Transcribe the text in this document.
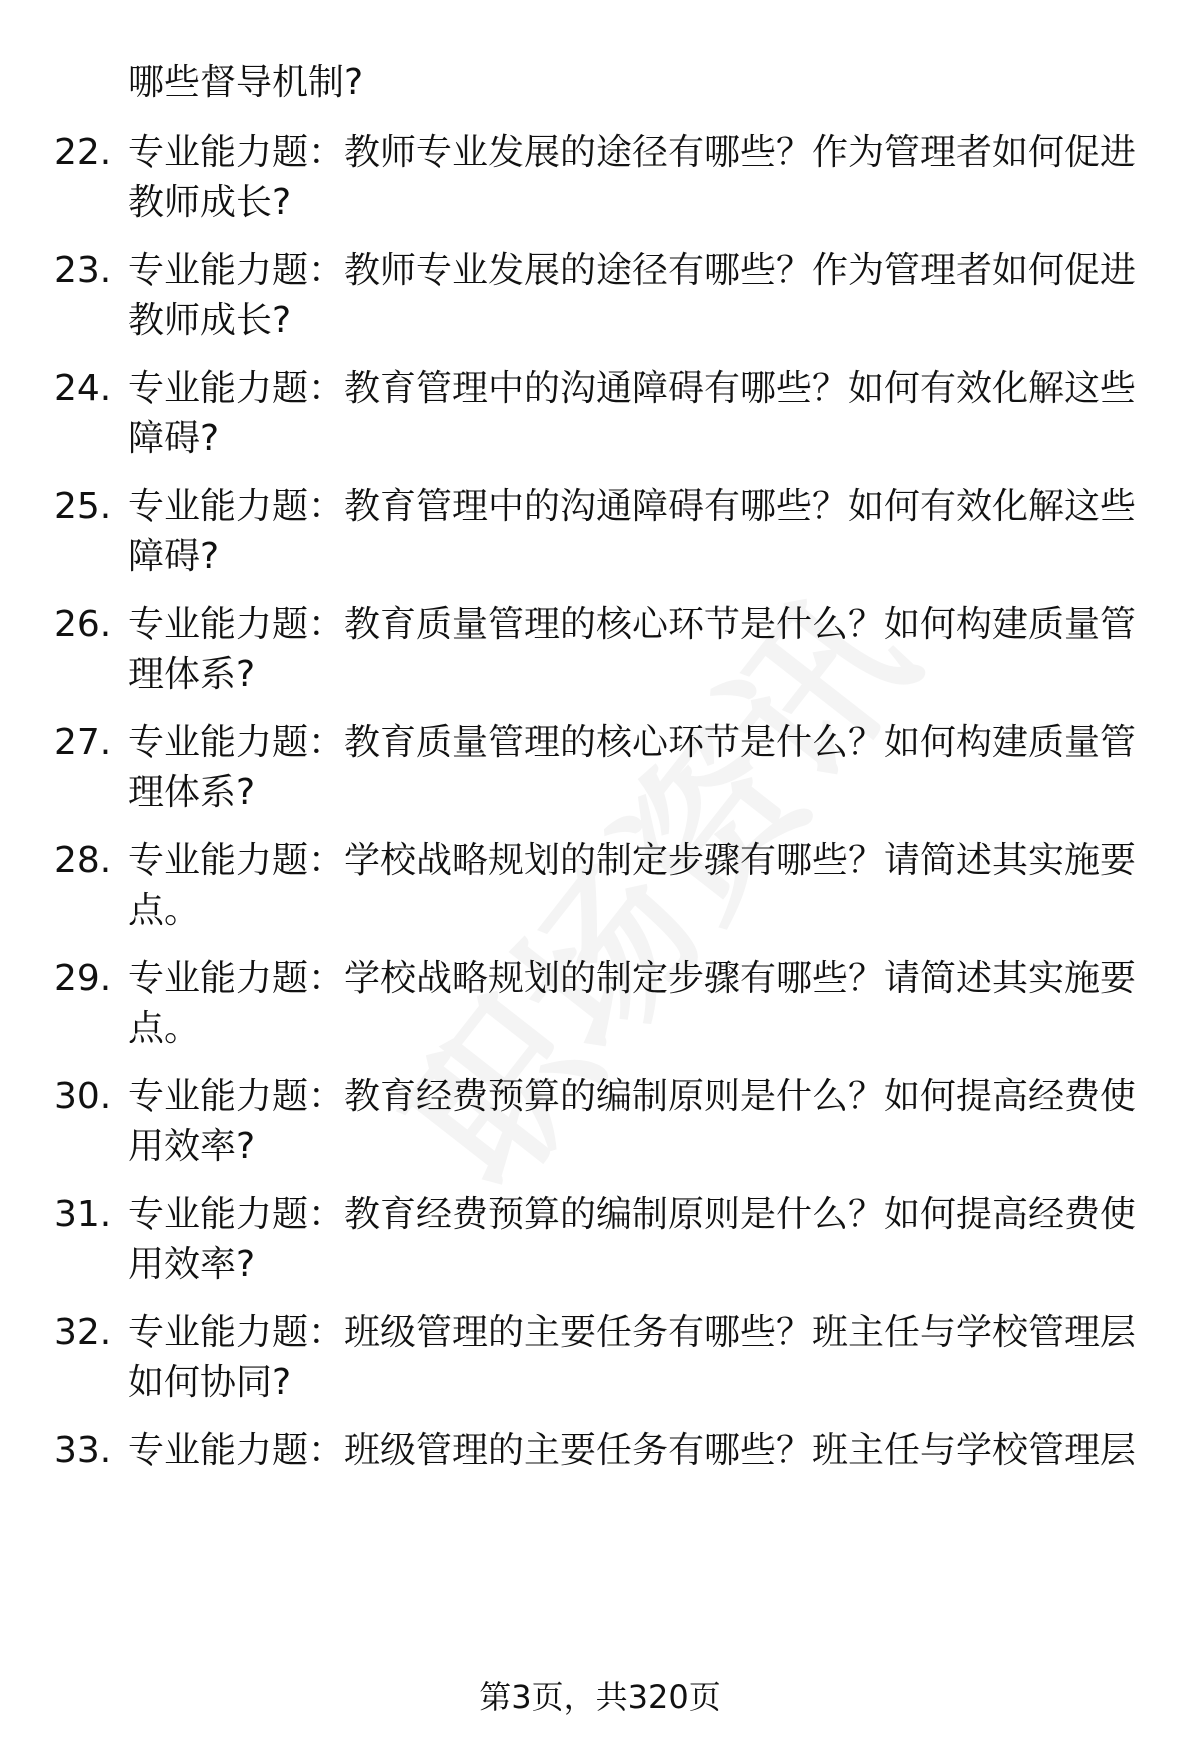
哪些督导机制?
22. 专业能力题：教师专业发展的途径有哪些？作为管理者如何促进
教师成长?
23. 专业能力题：教师专业发展的途径有哪些？作为管理者如何促进
教师成长?
24. 专业能力题：教育管理中的沟通障碍有哪些？如何有效化解这些
障碍?
25. 专业能力题：教育管理中的沟通障碍有哪些？如何有效化解这些
障碍?
26. 专业能力题：教育质量管理的核心环节是什么？如何构建质量管
理体系?
27. 专业能力题：教育质量管理的核心环节是什么？如何构建质量管
理体系?
28. 专业能力题：学校战略规划的制定步骤有哪些？请简述其实施要
点。
29. 专业能力题：学校战略规划的制定步骤有哪些？请简述其实施要
点。
30. 专业能力题：教育经费预算的编制原则是什么？如何提高经费使
用效率?
31. 专业能力题：教育经费预算的编制原则是什么？如何提高经费使
用效率?
32. 专业能力题：班级管理的主要任务有哪些？班主任与学校管理层
如何协同?
33. 专业能力题：班级管理的主要任务有哪些？班主任与学校管理层
第3页，共320页
